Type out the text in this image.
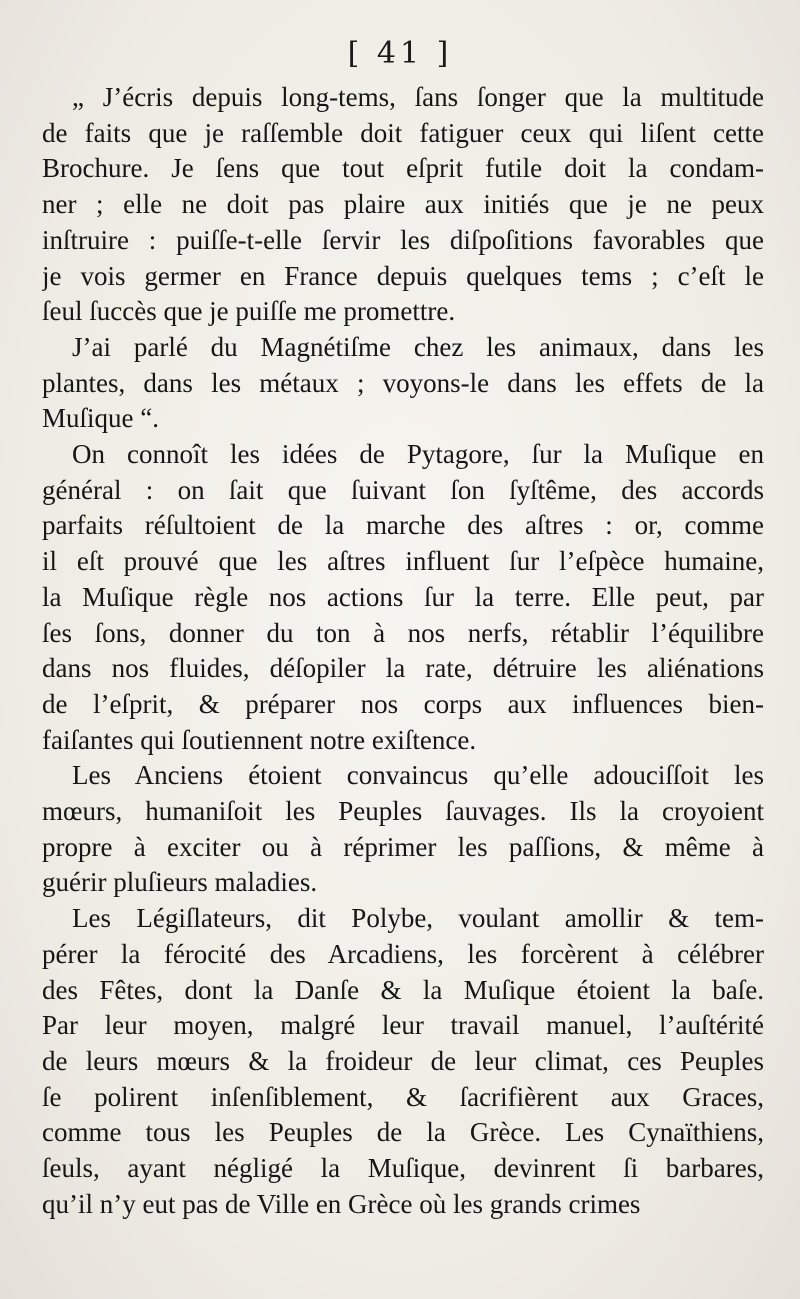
[ 41 ]

„ J’écris depuis long-tems, ſans ſonger que la multitude
de faits que je raſſemble doit fatiguer ceux qui liſent cette
Brochure. Je ſens que tout eſprit futile doit la condam-
ner ; elle ne doit pas plaire aux initiés que je ne peux
inſtruire : puiſſe-t-elle ſervir les diſpoſitions favorables que
je vois germer en France depuis quelques tems ; c’eſt le
ſeul ſuccès que je puiſſe me promettre.

J’ai parlé du Magnétiſme chez les animaux, dans les
plantes, dans les métaux ; voyons-le dans les effets de la
Muſique “.

On connoît les idées de Pytagore, ſur la Muſique en
général : on ſait que ſuivant ſon ſyſtême, des accords
parfaits réſultoient de la marche des aſtres : or, comme
il eſt prouvé que les aſtres influent ſur l’eſpèce humaine,
la Muſique règle nos actions ſur la terre. Elle peut, par
ſes ſons, donner du ton à nos nerfs, rétablir l’équilibre
dans nos fluides, déſopiler la rate, détruire les aliénations
de l’eſprit, & préparer nos corps aux influences bien-
faiſantes qui ſoutiennent notre exiſtence.

Les Anciens étoient convaincus qu’elle adouciſſoit les
mœurs, humaniſoit les Peuples ſauvages. Ils la croyoient
propre à exciter ou à réprimer les paſſions, & même à
guérir pluſieurs maladies.

Les Légiſlateurs, dit Polybe, voulant amollir & tem-
pérer la férocité des Arcadiens, les forcèrent à célébrer
des Fêtes, dont la Danſe & la Muſique étoient la baſe.
Par leur moyen, malgré leur travail manuel, l’auſtérité
de leurs mœurs & la froideur de leur climat, ces Peuples
ſe polirent inſenſiblement, & ſacrifièrent aux Graces,
comme tous les Peuples de la Grèce. Les Cynaïthiens,
ſeuls, ayant négligé la Muſique, devinrent ſi barbares,
qu’il n’y eut pas de Ville en Grèce où les grands crimes
